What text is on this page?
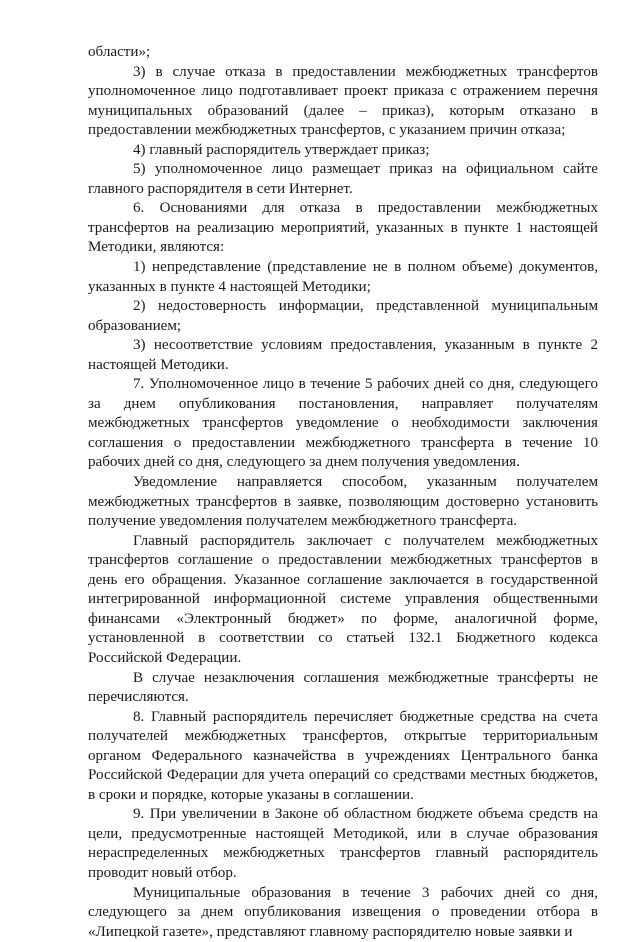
области»;

3) в случае отказа в предоставлении межбюджетных трансфертов уполномоченное лицо подготавливает проект приказа с отражением перечня муниципальных образований (далее – приказ), которым отказано в предоставлении межбюджетных трансфертов, с указанием причин отказа;

4) главный распорядитель утверждает приказ;

5) уполномоченное лицо размещает приказ на официальном сайте главного распорядителя в сети Интернет.

6. Основаниями для отказа в предоставлении межбюджетных трансфертов на реализацию мероприятий, указанных в пункте 1 настоящей Методики, являются:

1) непредставление (представление не в полном объеме) документов, указанных в пункте 4 настоящей Методики;

2) недостоверность информации, представленной муниципальным образованием;

3) несоответствие условиям предоставления, указанным в пункте 2 настоящей Методики.

7. Уполномоченное лицо в течение 5 рабочих дней со дня, следующего за днем опубликования постановления, направляет получателям межбюджетных трансфертов уведомление о необходимости заключения соглашения о предоставлении межбюджетного трансферта в течение 10 рабочих дней со дня, следующего за днем получения уведомления.

Уведомление направляется способом, указанным получателем межбюджетных трансфертов в заявке, позволяющим достоверно установить получение уведомления получателем межбюджетного трансферта.

Главный распорядитель заключает с получателем межбюджетных трансфертов соглашение о предоставлении межбюджетных трансфертов в день его обращения. Указанное соглашение заключается в государственной интегрированной информационной системе управления общественными финансами «Электронный бюджет» по форме, аналогичной форме, установленной в соответствии со статьей 132.1 Бюджетного кодекса Российской Федерации.

В случае незаключения соглашения межбюджетные трансферты не перечисляются.

8. Главный распорядитель перечисляет бюджетные средства на счета получателей межбюджетных трансфертов, открытые территориальным органом Федерального казначейства в учреждениях Центрального банка Российской Федерации для учета операций со средствами местных бюджетов, в сроки и порядке, которые указаны в соглашении.

9. При увеличении в Законе об областном бюджете объема средств на цели, предусмотренные настоящей Методикой, или в случае образования нераспределенных межбюджетных трансфертов главный распорядитель проводит новый отбор.

Муниципальные образования в течение 3 рабочих дней со дня, следующего за днем опубликования извещения о проведении отбора в «Липецкой газете», представляют главному распорядителю новые заявки и
